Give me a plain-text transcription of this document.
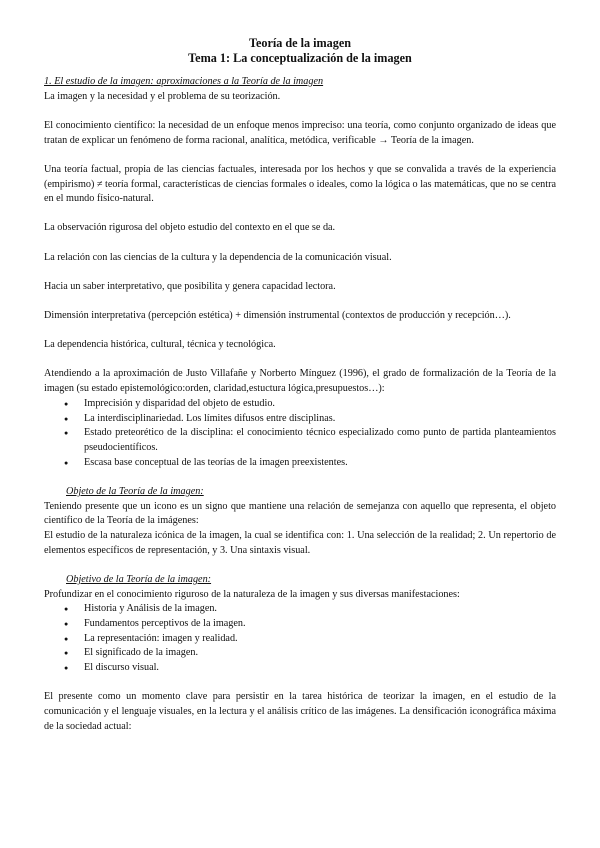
Teoría de la imagen

Tema 1: La conceptualización de la imagen

1. El estudio de la imagen: aproximaciones a la Teoría de la imagen

La imagen y la necesidad y el problema de su teorización.

El conocimiento científico: la necesidad de un enfoque menos impreciso: una teoría, como conjunto organizado de ideas que tratan de explicar un fenómeno de forma racional, analítica, metódica, verificable → Teoría de la imagen.

Una teoría factual, propia de las ciencias factuales, interesada por los hechos y que se convalida a través de la experiencia (empirismo) ≠ teoría formal, características de ciencias formales o ideales, como la lógica o las matemáticas, que no se centra en el mundo físico-natural.

La observación rigurosa del objeto estudio del contexto en el que se da.

La relación con las ciencias de la cultura y la dependencia de la comunicación visual.

Hacia un saber interpretativo, que posibilita y genera capacidad lectora.

Dimensión interpretativa (percepción estética) + dimensión instrumental (contextos de producción y recepción…).

La dependencia histórica, cultural, técnica y tecnológica.

Atendiendo a la aproximación de Justo Villafañe y Norberto Mínguez (1996), el grado de formalización de la Teoría de la imagen (su estado epistemológico:orden, claridad,estuctura lógica,presupuestos…):

● Imprecisión y disparidad del objeto de estudio.
● La interdisciplinariedad. Los límites difusos entre disciplinas.
● Estado preteorético de la disciplina: el conocimiento técnico especializado como punto de partida planteamientos pseudocientíficos.
● Escasa base conceptual de las teorías de la imagen preexistentes.

Objeto de la Teoría de la imagen:

Teniendo presente que un icono es un signo que mantiene una relación de semejanza con aquello que representa, el objeto científico de la Teoría de la imágenes:

El estudio de la naturaleza icónica de la imagen, la cual se identifica con: 1. Una selección de la realidad; 2. Un repertorio de elementos específicos de representación, y 3. Una sintaxis visual.

Objetivo de la Teoría de la imagen:

Profundizar en el conocimiento riguroso de la naturaleza de la imagen y sus diversas manifestaciones:

● Historia y Análisis de la imagen.
● Fundamentos perceptivos de la imagen.
● La representación: imagen y realidad.
● El significado de la imagen.
● El discurso visual.

El presente como un momento clave para persistir en la tarea histórica de teorizar la imagen, en el estudio de la comunicación y el lenguaje visuales, en la lectura y el análisis crítico de las imágenes. La densificación iconográfica máxima de la sociedad actual:
